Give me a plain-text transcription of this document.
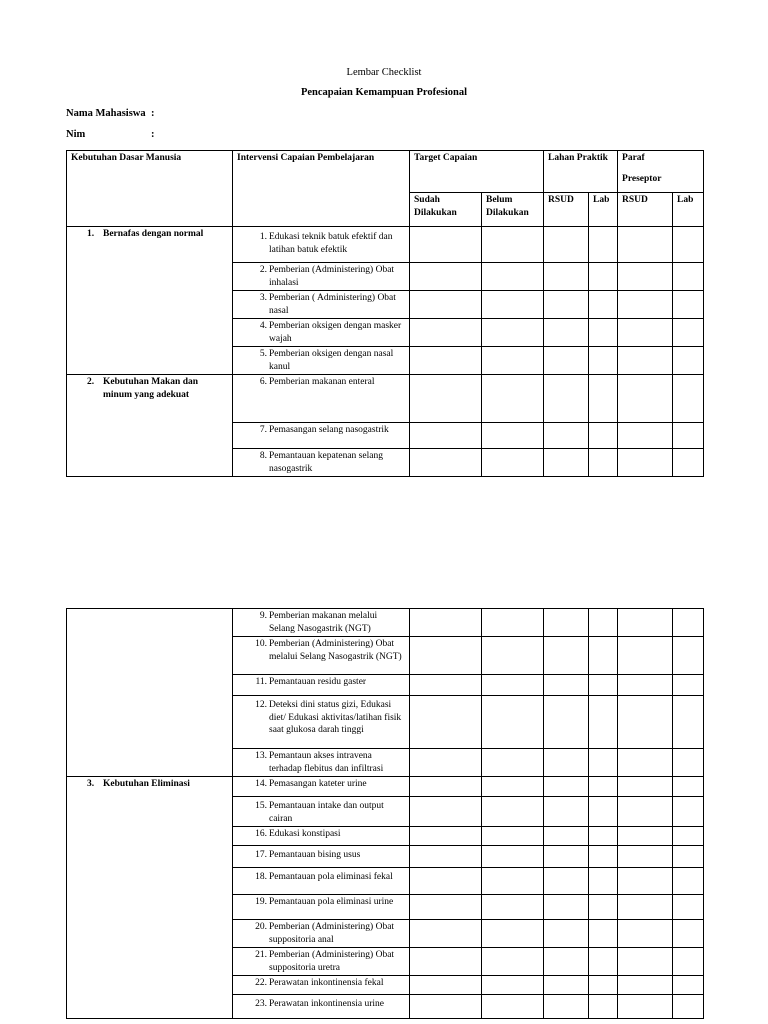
Lembar Checklist
Pencapaian Kemampuan Profesional
Nama Mahasiswa :
Nim	:
Kebutuhan Dasar Manusia	Intervensi Capaian Pembelajaran	Target Capaian		Lahan Praktik		Paraf
Preseptor	

		Sudah Dilakukan	Belum Dilakukan	RSUD	Lab	RSUD	Lab
1. Bernafas dengan normal	1. Edukasi teknik batuk efektif dan latihan batuk efektik						
	2. Pemberian (Administering) Obat inhalasi						
	3. Pemberian ( Administering) Obat nasal						
	4. Pemberian oksigen dengan masker wajah						
	5. Pemberian oksigen dengan nasal kanul						
2. Kebutuhan Makan dan minum yang adekuat	6. Pemberian makanan enteral						
	7. Pemasangan selang nasogastrik						
	8. Pemantauan kepatenan selang nasogastrik						
	9. Pemberian makanan melalui Selang Nasogastrik (NGT)						
	10. Pemberian (Administering) Obat melalui Selang Nasogastrik (NGT)						
	11. Pemantauan residu gaster						
	12. Deteksi dini status gizi, Edukasi diet/ Edukasi aktivitas/latihan fisik saat glukosa darah tinggi						
	13. Pemantaun akses intravena terhadap flebitus dan infiltrasi						
3. Kebutuhan Eliminasi	14. Pemasangan kateter urine						
	15. Pemantauan intake dan output cairan						
	16. Edukasi konstipasi						
	17. Pemantauan bising usus						
	18. Pemantauan pola eliminasi fekal						
	19. Pemantauan pola eliminasi urine						
	20. Pemberian (Administering) Obat suppositoria anal						
	21. Pemberian (Administering) Obat suppositoria uretra						
	22. Perawatan inkontinensia fekal						
	23. Perawatan inkontinensia urine						
